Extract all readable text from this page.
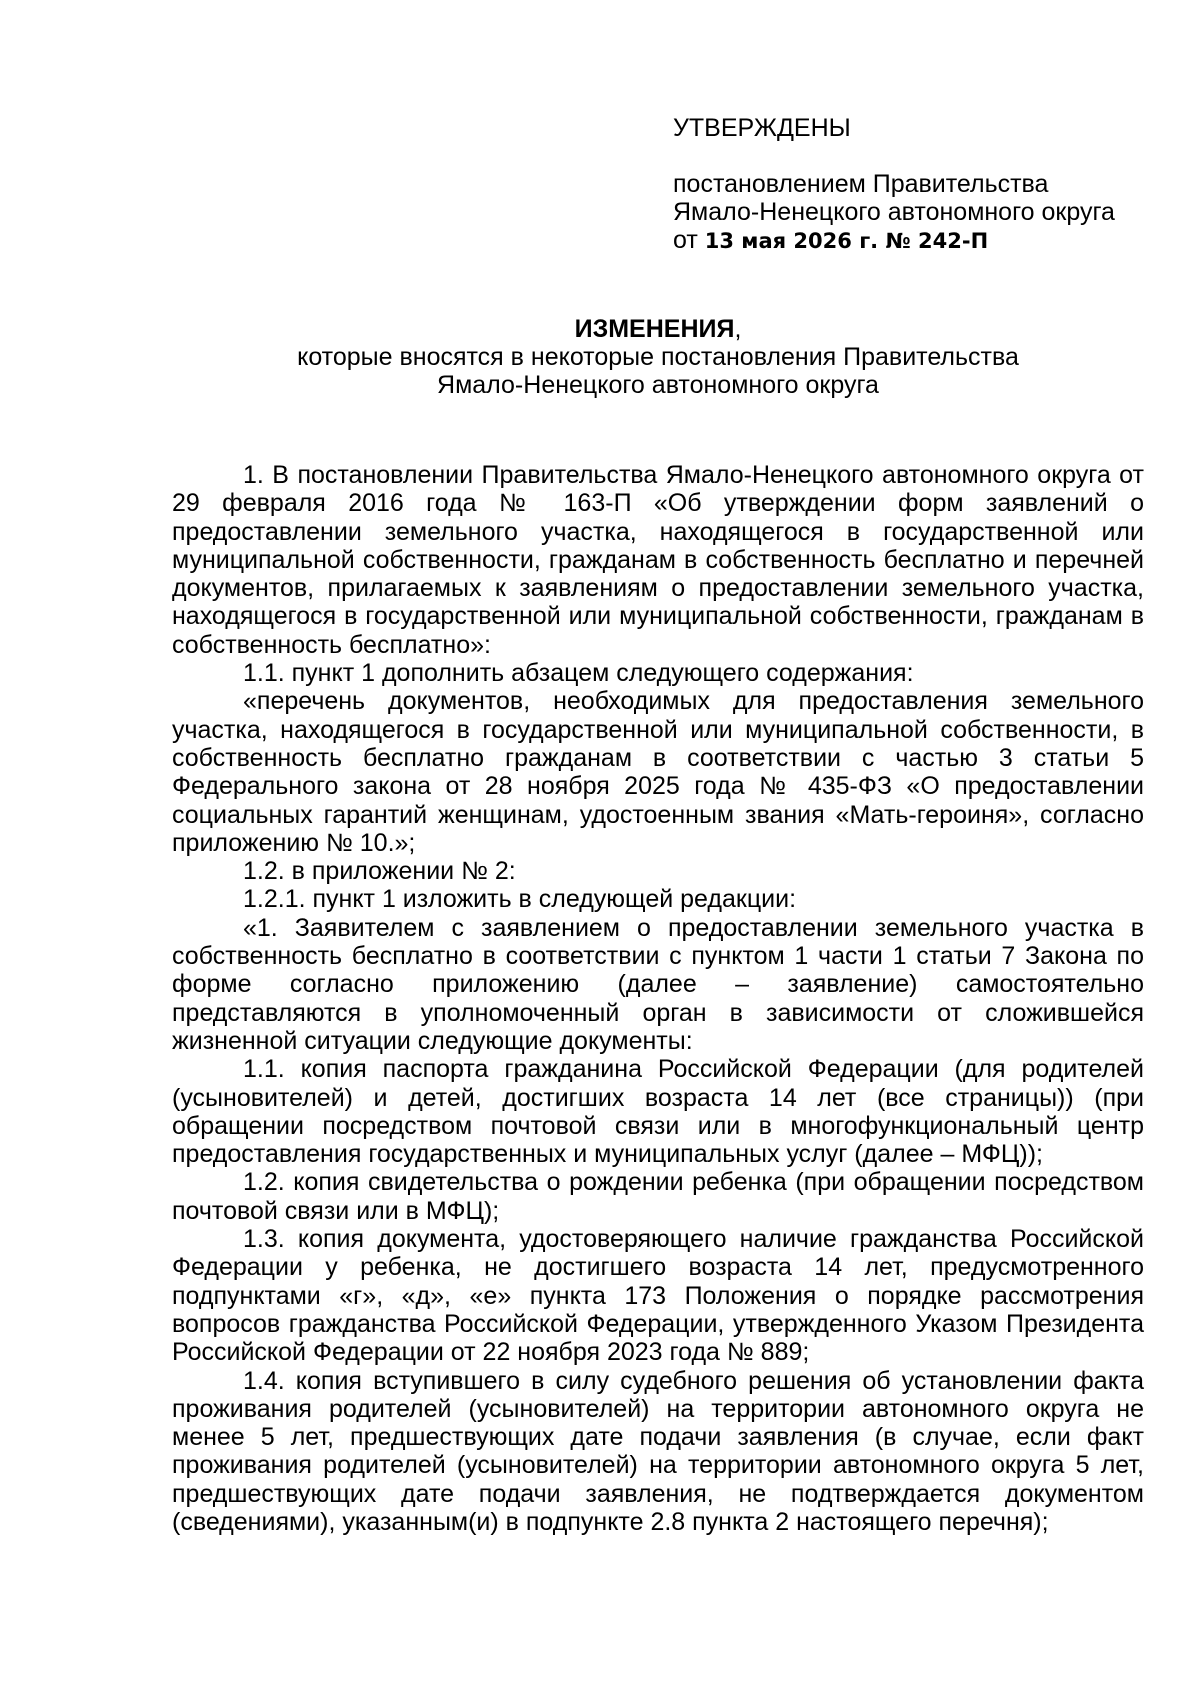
УТВЕРЖДЕНЫ
постановлением Правительства
Ямало-Ненецкого автономного округа
от 13 мая 2026 г. № 242-П
ИЗМЕНЕНИЯ,
которые вносятся в некоторые постановления Правительства
Ямало-Ненецкого автономного округа

1. В постановлении Правительства Ямало-Ненецкого автономного округа от 29 февраля 2016 года № 163-П «Об утверждении форм заявлений о предоставлении земельного участка, находящегося в государственной или муниципальной собственности, гражданам в собственность бесплатно и перечней документов, прилагаемых к заявлениям о предоставлении земельного участка, находящегося в государственной или муниципальной собственности, гражданам в собственность бесплатно»:

1.1. пункт 1 дополнить абзацем следующего содержания:

«перечень документов, необходимых для предоставления земельного участка, находящегося в государственной или муниципальной собственности, в собственность бесплатно гражданам в соответствии с частью 3 статьи 5 Федерального закона от 28 ноября 2025 года № 435-ФЗ «О предоставлении социальных гарантий женщинам, удостоенным звания «Мать-героиня», согласно приложению № 10.»;

1.2. в приложении № 2:

1.2.1. пункт 1 изложить в следующей редакции:

«1. Заявителем с заявлением о предоставлении земельного участка в собственность бесплатно в соответствии с пунктом 1 части 1 статьи 7 Закона по форме согласно приложению (далее – заявление) самостоятельно представляются в уполномоченный орган в зависимости от сложившейся жизненной ситуации следующие документы:

1.1. копия паспорта гражданина Российской Федерации (для родителей (усыновителей) и детей, достигших возраста 14 лет (все страницы)) (при обращении посредством почтовой связи или в многофункциональный центр предоставления государственных и муниципальных услуг (далее – МФЦ));

1.2. копия свидетельства о рождении ребенка (при обращении посредством почтовой связи или в МФЦ);

1.3. копия документа, удостоверяющего наличие гражданства Российской Федерации у ребенка, не достигшего возраста 14 лет, предусмотренного подпунктами «г», «д», «е» пункта 173 Положения о порядке рассмотрения вопросов гражданства Российской Федерации, утвержденного Указом Президента Российской Федерации от 22 ноября 2023 года № 889;

1.4. копия вступившего в силу судебного решения об установлении факта проживания родителей (усыновителей) на территории автономного округа не менее 5 лет, предшествующих дате подачи заявления (в случае, если факт проживания родителей (усыновителей) на территории автономного округа 5 лет, предшествующих дате подачи заявления, не подтверждается документом (сведениями), указанным(и) в подпункте 2.8 пункта 2 настоящего перечня);
